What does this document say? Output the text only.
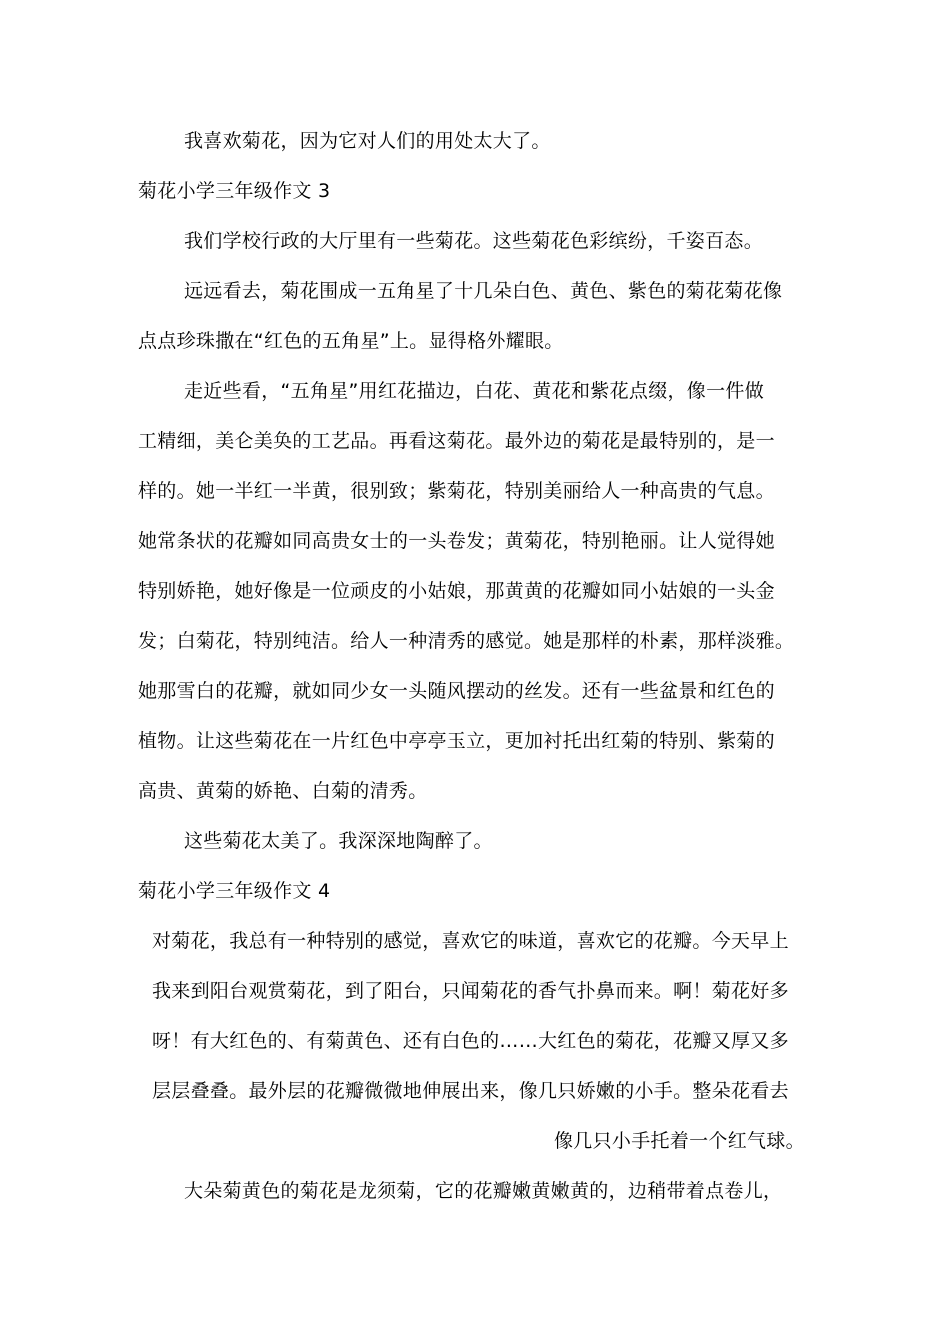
我喜欢菊花，因为它对人们的用处太大了。
菊花小学三年级作文 3
我们学校行政的大厅里有一些菊花。这些菊花色彩缤纷，千姿百态。
远远看去，菊花围成一五角星了十几朵白色、黄色、紫色的菊花菊花像
点点珍珠撒在“红色的五角星”上。显得格外耀眼。
走近些看，“五角星”用红花描边，白花、黄花和紫花点缀，像一件做
工精细，美仑美奂的工艺品。再看这菊花。最外边的菊花是最特别的，是一
样的。她一半红一半黄，很别致；紫菊花，特别美丽给人一种高贵的气息。
她常条状的花瓣如同高贵女士的一头卷发；黄菊花，特别艳丽。让人觉得她
特别娇艳，她好像是一位顽皮的小姑娘，那黄黄的花瓣如同小姑娘的一头金
发；白菊花，特别纯洁。给人一种清秀的感觉。她是那样的朴素，那样淡雅。
她那雪白的花瓣，就如同少女一头随风摆动的丝发。还有一些盆景和红色的
植物。让这些菊花在一片红色中亭亭玉立，更加衬托出红菊的特别、紫菊的
高贵、黄菊的娇艳、白菊的清秀。
这些菊花太美了。我深深地陶醉了。
菊花小学三年级作文 4
对菊花，我总有一种特别的感觉，喜欢它的味道，喜欢它的花瓣。今天早上
我来到阳台观赏菊花，到了阳台，只闻菊花的香气扑鼻而来。啊！菊花好多
呀！有大红色的、有菊黄色、还有白色的……大红色的菊花，花瓣又厚又多
层层叠叠。最外层的花瓣微微地伸展出来，像几只娇嫩的小手。整朵花看去
像几只小手托着一个红气球。
大朵菊黄色的菊花是龙须菊，它的花瓣嫩黄嫩黄的，边稍带着点卷儿，
